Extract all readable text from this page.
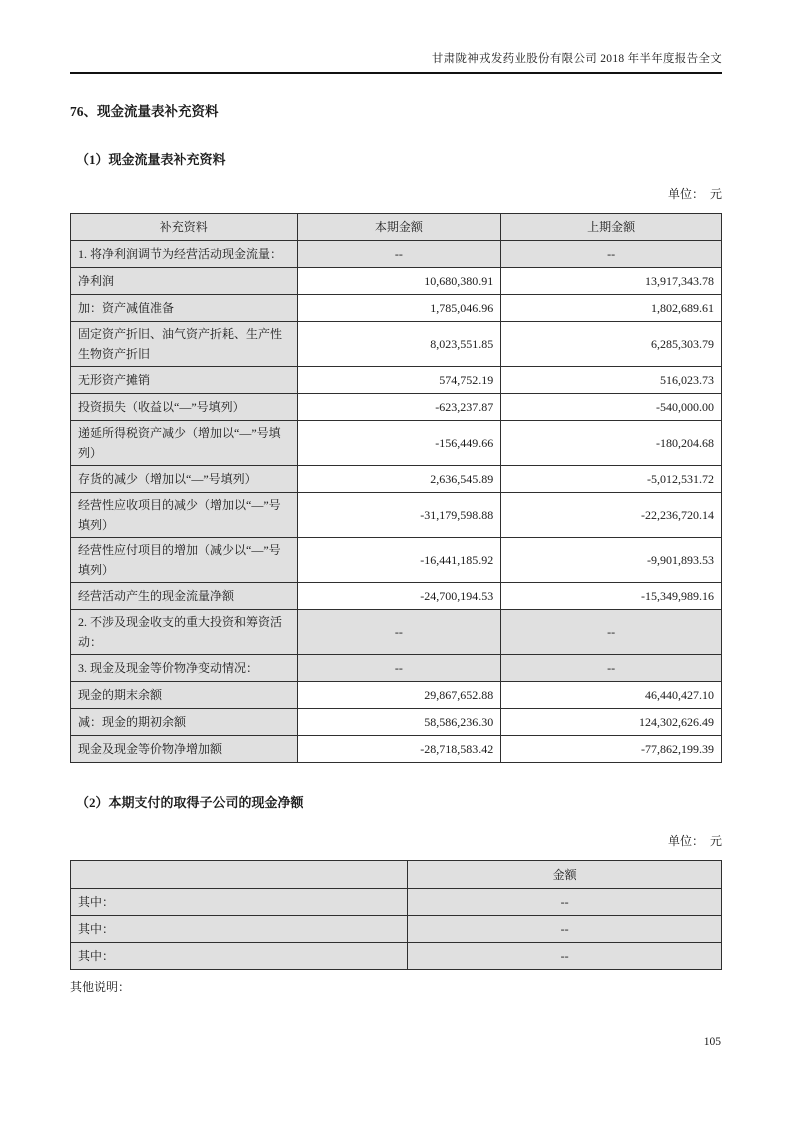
甘肃陇神戎发药业股份有限公司 2018 年半年度报告全文
76、现金流量表补充资料
（1）现金流量表补充资料
单位：　元
补充资料	本期金额	上期金额
1. 将净利润调节为经营活动现金流量：	--	--
净利润	10,680,380.91	13,917,343.78
加：资产减值准备	1,785,046.96	1,802,689.61
固定资产折旧、油气资产折耗、生产性生物资产折旧	8,023,551.85	6,285,303.79
无形资产摊销	574,752.19	516,023.73
投资损失（收益以“—”号填列）	-623,237.87	-540,000.00
递延所得税资产减少（增加以“—”号填列）	-156,449.66	-180,204.68
存货的减少（增加以“—”号填列）	2,636,545.89	-5,012,531.72
经营性应收项目的减少（增加以“—”号填列）	-31,179,598.88	-22,236,720.14
经营性应付项目的增加（减少以“—”号填列）	-16,441,185.92	-9,901,893.53
经营活动产生的现金流量净额	-24,700,194.53	-15,349,989.16
2. 不涉及现金收支的重大投资和筹资活动：	--	--
3. 现金及现金等价物净变动情况：	--	--
现金的期末余额	29,867,652.88	46,440,427.10
减：现金的期初余额	58,586,236.30	124,302,626.49
现金及现金等价物净增加额	-28,718,583.42	-77,862,199.39
（2）本期支付的取得子公司的现金净额
单位：　元
	金额
其中：	--
其中：	--
其中：	--
其他说明：
105
